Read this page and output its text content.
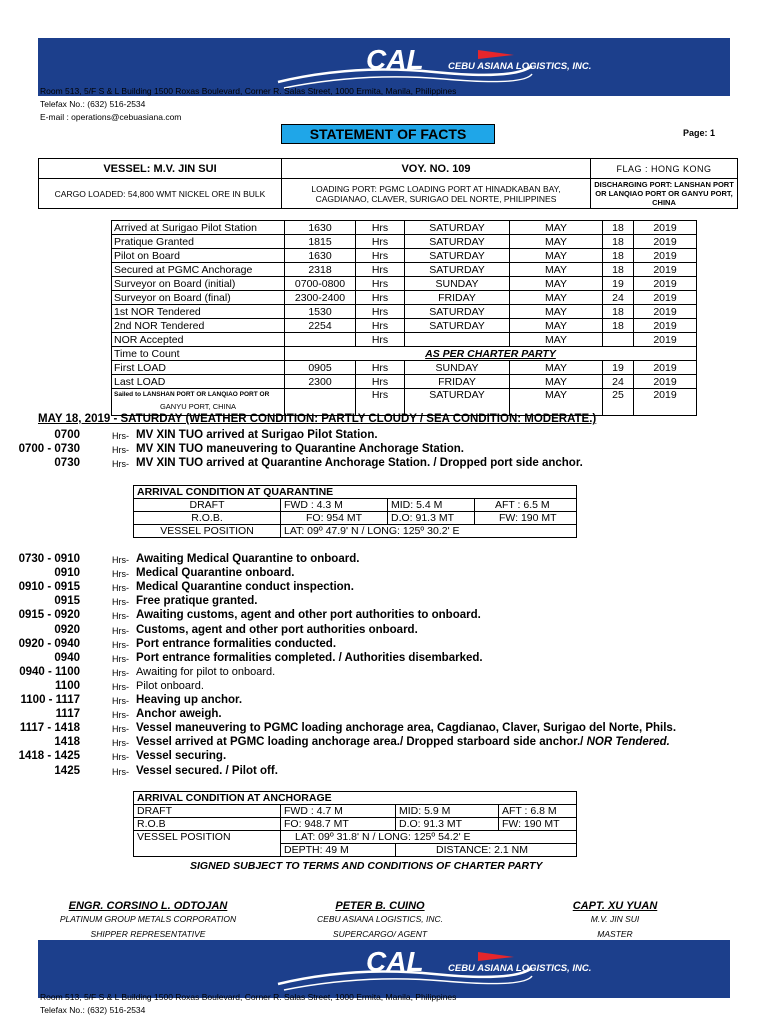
CAL	CEBU ASIANA LOGISTICS, INC.
Room 513, 5/F S & L Building 1500 Roxas Boulevard, Corner R. Salas Street, 1000 Ermita, Manila, Philippines
Telefax No.: (632) 516-2534
E-mail : operations@cebuasiana.com
STATEMENT OF FACTS	Page: 1
VESSEL: M.V. JIN SUI	VOY. NO. 109	FLAG : HONG KONG
CARGO LOADED: 54,800 WMT NICKEL ORE IN BULK	LOADING PORT: PGMC LOADING PORT AT HINADKABAN BAY, CAGDIANAO, CLAVER, SURIGAO DEL NORTE, PHILIPPINES	DISCHARGING PORT: LANSHAN PORT OR LANQIAO PORT OR GANYU PORT, CHINA
Arrived at Surigao Pilot Station	1630	Hrs	SATURDAY	MAY	18	2019
Pratique Granted	1815	Hrs	SATURDAY	MAY	18	2019
Pilot on Board	1630	Hrs	SATURDAY	MAY	18	2019
Secured at PGMC Anchorage	2318	Hrs	SATURDAY	MAY	18	2019
Surveyor on Board (initial)	0700-0800	Hrs	SUNDAY	MAY	19	2019
Surveyor on Board (final)	2300-2400	Hrs	FRIDAY	MAY	24	2019
1st NOR Tendered	1530	Hrs	SATURDAY	MAY	18	2019
2nd NOR Tendered	2254	Hrs	SATURDAY	MAY	18	2019
NOR Accepted		Hrs		MAY		2019
Time to Count	AS PER CHARTER PARTY					
First LOAD	0905	Hrs	SUNDAY	MAY	19	2019
Last LOAD	2300	Hrs	FRIDAY	MAY	24	2019

Sailed to LANSHAN PORT OR LANQIAO PORT OR
GANYU PORT, CHINA		Hrs	SATURDAY	MAY	25	2019
MAY 18, 2019 - SATURDAY (WEATHER CONDITION: PARTLY CLOUDY / SEA CONDITION: MODERATE.)
0700	Hrs- MV XIN TUO arrived at Surigao Pilot Station.
0700 - 0730	Hrs- MV XIN TUO maneuvering to Quarantine Anchorage Station.
0730	Hrs- MV XIN TUO arrived at Quarantine Anchorage Station. / Dropped port side anchor.
ARRIVAL CONDITION AT QUARANTINE			
DRAFT	FWD : 4.3 M	MID: 5.4 M	AFT : 6.5 M
R.O.B.	FO: 954 MT	D.O: 91.3 MT	FW: 190 MT
VESSEL POSITION	LAT: 09º 47.9' N / LONG: 125º 30.2' E		
0730 - 0910	Hrs- Awaiting Medical Quarantine to onboard.
0910	Hrs- Medical Quarantine onboard.
0910 - 0915	Hrs- Medical Quarantine conduct inspection.
0915	Hrs- Free pratique granted.
0915 - 0920	Hrs- Awaiting customs, agent and other port authorities to onboard.
0920	Hrs- Customs, agent and other port authorities onboard.
0920 - 0940	Hrs- Port entrance formalities conducted.
0940	Hrs- Port entrance formalities completed. / Authorities disembarked.
0940 - 1100	Hrs- Awaiting for pilot to onboard.
1100	Hrs- Pilot onboard.
1100 - 1117	Hrs- Heaving up anchor.
1117	Hrs- Anchor aweigh.
1117 - 1418	Hrs- Vessel maneuvering to PGMC loading anchorage area, Cagdianao, Claver, Surigao del Norte, Phils.
1418	Hrs- Vessel arrived at PGMC loading anchorage area./ Dropped starboard side anchor./ NOR Tendered.
1418 - 1425	Hrs- Vessel securing.
1425	Hrs- Vessel secured. / Pilot off.
ARRIVAL CONDITION AT ANCHORAGE			
DRAFT	FWD : 4.7 M	MID: 5.9 M	AFT : 6.8 M
R.O.B	FO: 948.7 MT	D.O: 91.3 MT	FW: 190 MT
VESSEL POSITION	LAT: 09º 31.8' N / LONG: 125º 54.2' E		
	DEPTH: 49 M	DISTANCE: 2.1 NM	
SIGNED SUBJECT TO TERMS AND CONDITIONS OF CHARTER PARTY
ENGR. CORSINO L. ODTOJAN
PLATINUM GROUP METALS CORPORATION
SHIPPER REPRESENTATIVE
PETER B. CUINO
CEBU ASIANA LOGISTICS, INC.
SUPERCARGO/ AGENT
CAPT. XU YUAN
M.V. JIN SUI
MASTER
CAL	CEBU ASIANA LOGISTICS, INC.
Room 513, 5/F S & L Building 1500 Roxas Boulevard, Corner R. Salas Street, 1000 Ermita, Manila, Philippines
Telefax No.: (632) 516-2534
